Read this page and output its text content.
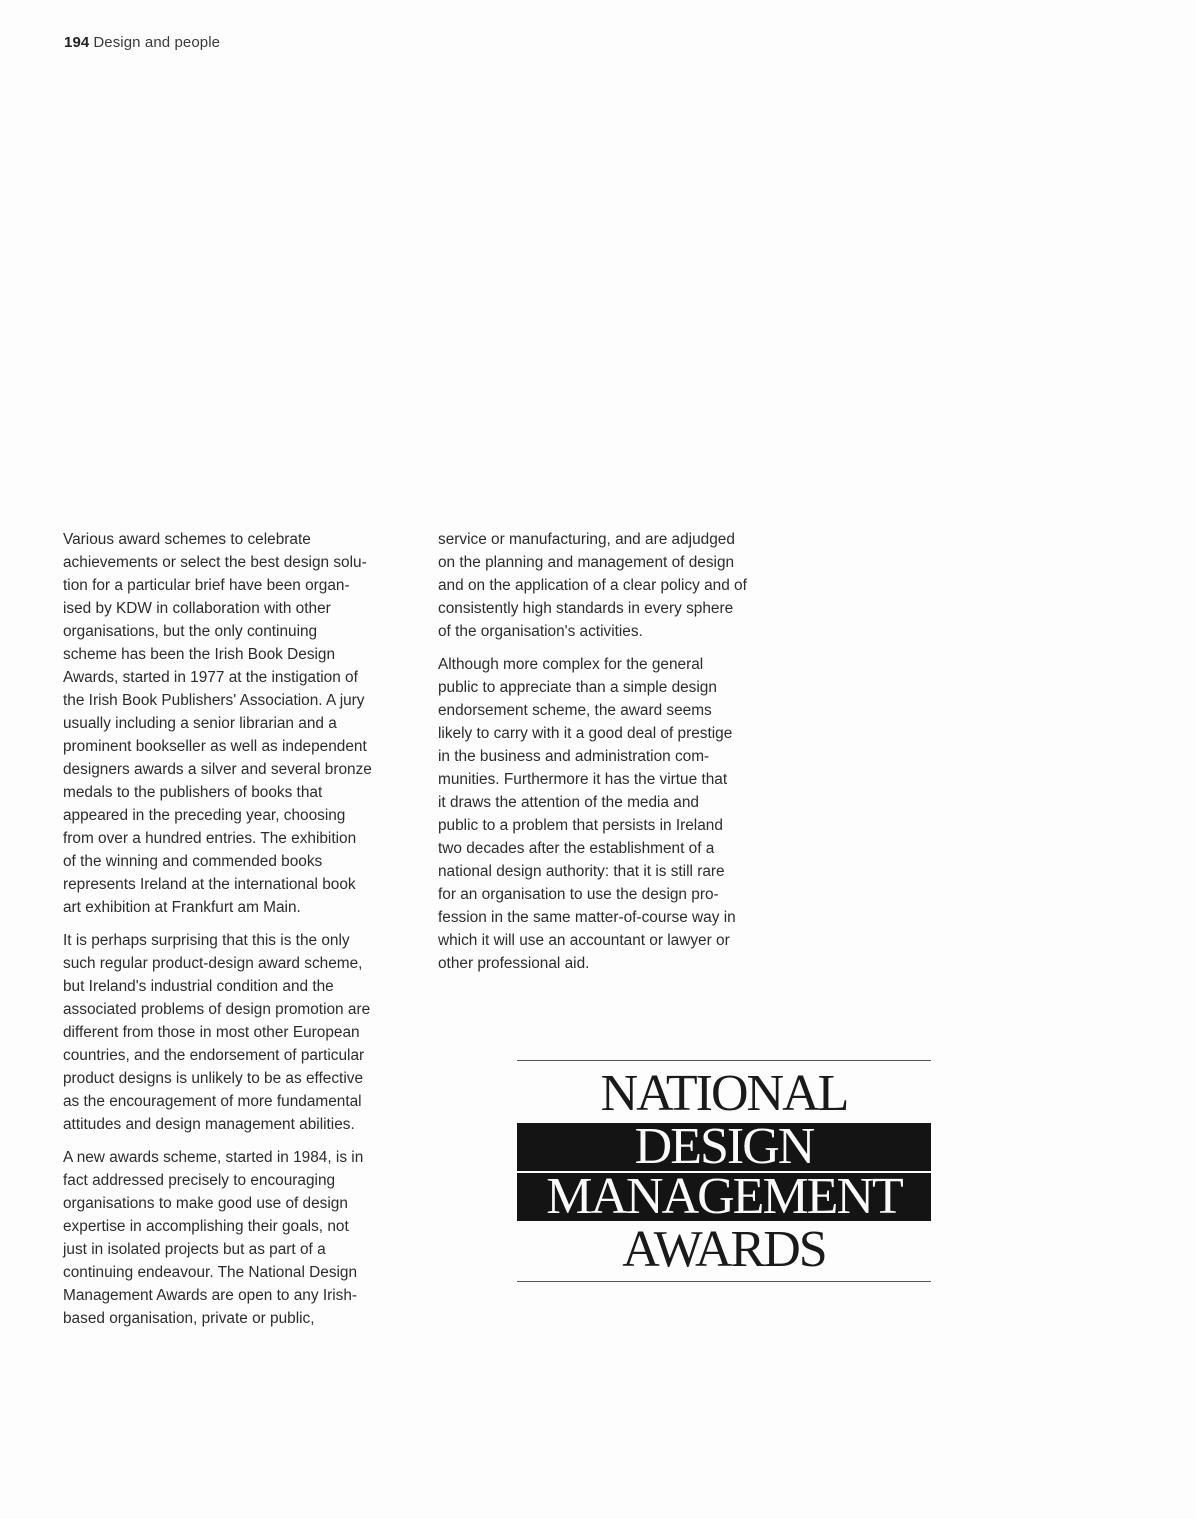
194 Design and people

Various award schemes to celebrate
achievements or select the best design solu-
tion for a particular brief have been organ-
ised by KDW in collaboration with other
organisations, but the only continuing
scheme has been the Irish Book Design
Awards, started in 1977 at the instigation of
the Irish Book Publishers' Association. A jury
usually including a senior librarian and a
prominent bookseller as well as independent
designers awards a silver and several bronze
medals to the publishers of books that
appeared in the preceding year, choosing
from over a hundred entries. The exhibition
of the winning and commended books
represents Ireland at the international book
art exhibition at Frankfurt am Main.

It is perhaps surprising that this is the only
such regular product-design award scheme,
but Ireland's industrial condition and the
associated problems of design promotion are
different from those in most other European
countries, and the endorsement of particular
product designs is unlikely to be as effective
as the encouragement of more fundamental
attitudes and design management abilities.

A new awards scheme, started in 1984, is in
fact addressed precisely to encouraging
organisations to make good use of design
expertise in accomplishing their goals, not
just in isolated projects but as part of a
continuing endeavour. The National Design
Management Awards are open to any Irish-
based organisation, private or public,

service or manufacturing, and are adjudged
on the planning and management of design
and on the application of a clear policy and of
consistently high standards in every sphere
of the organisation's activities.

Although more complex for the general
public to appreciate than a simple design
endorsement scheme, the award seems
likely to carry with it a good deal of prestige
in the business and administration com-
munities. Furthermore it has the virtue that
it draws the attention of the media and
public to a problem that persists in Ireland
two decades after the establishment of a
national design authority: that it is still rare
for an organisation to use the design pro-
fession in the same matter-of-course way in
which it will use an accountant or lawyer or
other professional aid.

NATIONAL
DESIGN
MANAGEMENT
AWARDS
